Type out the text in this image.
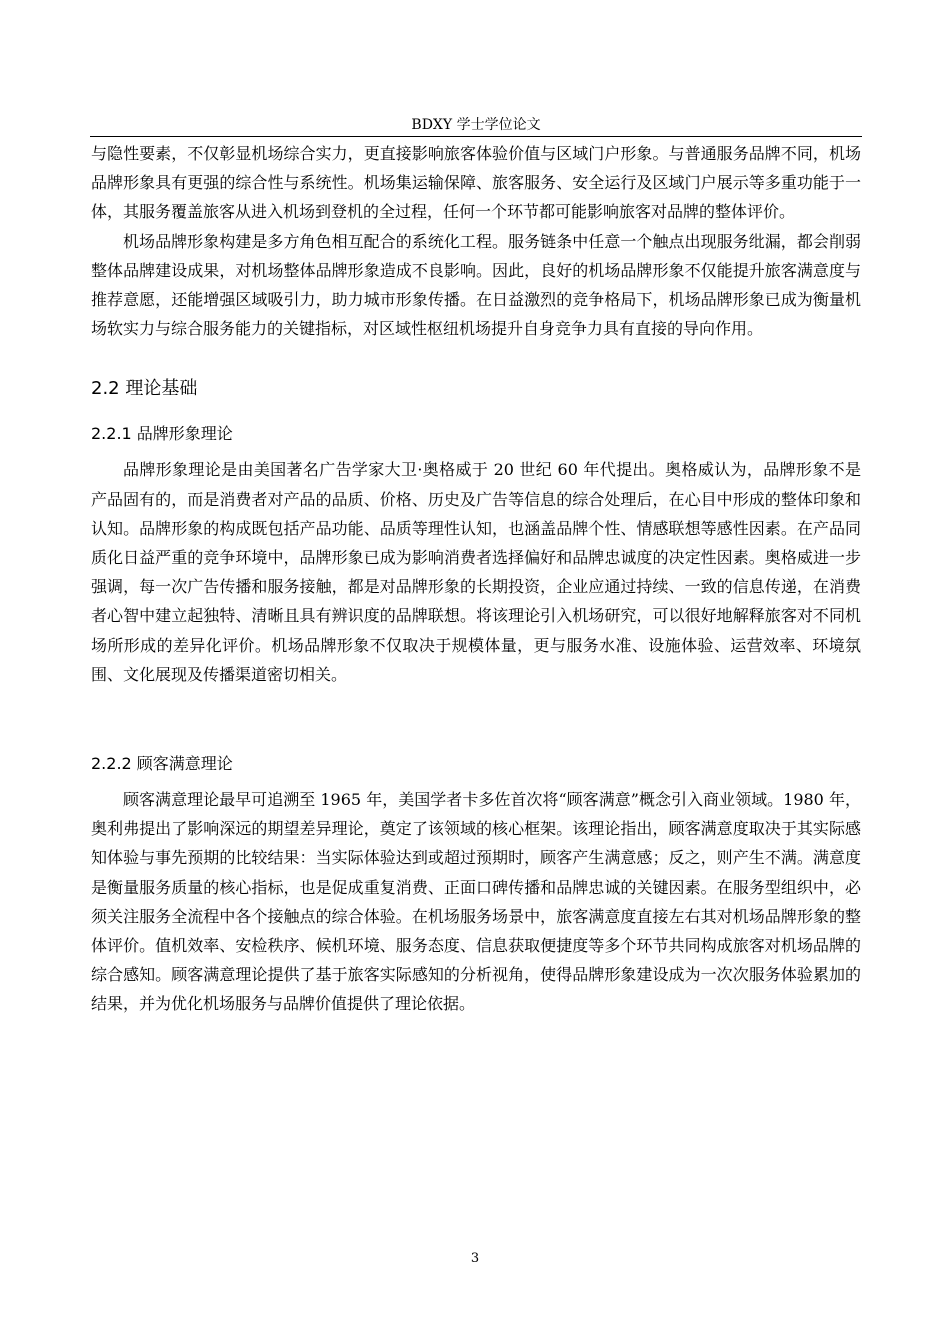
BDXY 学士学位论文

与隐性要素，不仅彰显机场综合实力，更直接影响旅客体验价值与区域门户形象。与普通服务品牌不同，机场品牌形象具有更强的综合性与系统性。机场集运输保障、旅客服务、安全运行及区域门户展示等多重功能于一体，其服务覆盖旅客从进入机场到登机的全过程，任何一个环节都可能影响旅客对品牌的整体评价。

机场品牌形象构建是多方角色相互配合的系统化工程。服务链条中任意一个触点出现服务纰漏，都会削弱整体品牌建设成果，对机场整体品牌形象造成不良影响。因此，良好的机场品牌形象不仅能提升旅客满意度与推荐意愿，还能增强区域吸引力，助力城市形象传播。在日益激烈的竞争格局下，机场品牌形象已成为衡量机场软实力与综合服务能力的关键指标，对区域性枢纽机场提升自身竞争力具有直接的导向作用。

2.2 理论基础
2.2.1 品牌形象理论

品牌形象理论是由美国著名广告学家大卫·奥格威于 20 世纪 60 年代提出。奥格威认为，品牌形象不是产品固有的，而是消费者对产品的品质、价格、历史及广告等信息的综合处理后，在心目中形成的整体印象和认知。品牌形象的构成既包括产品功能、品质等理性认知，也涵盖品牌个性、情感联想等感性因素。在产品同质化日益严重的竞争环境中，品牌形象已成为影响消费者选择偏好和品牌忠诚度的决定性因素。奥格威进一步强调，每一次广告传播和服务接触，都是对品牌形象的长期投资，企业应通过持续、一致的信息传递，在消费者心智中建立起独特、清晰且具有辨识度的品牌联想。将该理论引入机场研究，可以很好地解释旅客对不同机场所形成的差异化评价。机场品牌形象不仅取决于规模体量，更与服务水准、设施体验、运营效率、环境氛围、文化展现及传播渠道密切相关。

2.2.2 顾客满意理论

顾客满意理论最早可追溯至 1965 年，美国学者卡多佐首次将“顾客满意”概念引入商业领域。1980 年，奥利弗提出了影响深远的期望差异理论，奠定了该领域的核心框架。该理论指出，顾客满意度取决于其实际感知体验与事先预期的比较结果：当实际体验达到或超过预期时，顾客产生满意感；反之，则产生不满。满意度是衡量服务质量的核心指标，也是促成重复消费、正面口碑传播和品牌忠诚的关键因素。在服务型组织中，必须关注服务全流程中各个接触点的综合体验。在机场服务场景中，旅客满意度直接左右其对机场品牌形象的整体评价。值机效率、安检秩序、候机环境、服务态度、信息获取便捷度等多个环节共同构成旅客对机场品牌的综合感知。顾客满意理论提供了基于旅客实际感知的分析视角，使得品牌形象建设成为一次次服务体验累加的结果，并为优化机场服务与品牌价值提供了理论依据。

3
